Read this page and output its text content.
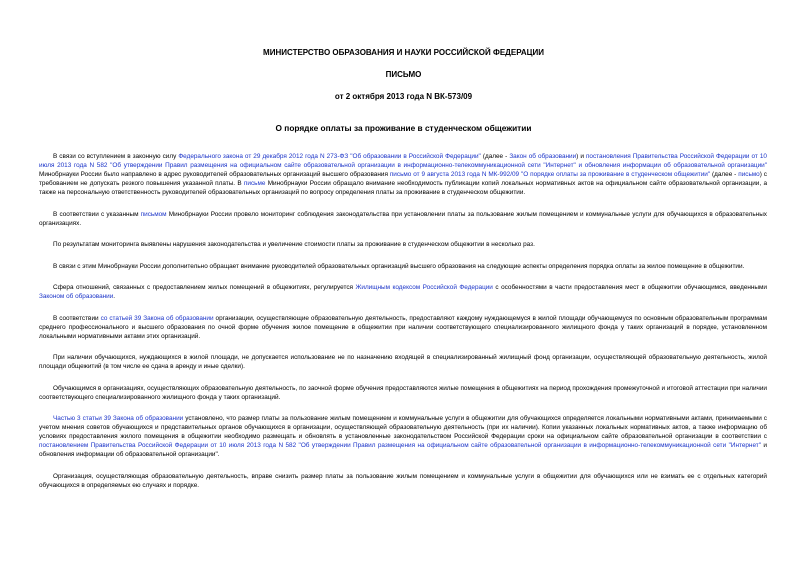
МИНИСТЕРСТВО ОБРАЗОВАНИЯ И НАУКИ РОССИЙСКОЙ ФЕДЕРАЦИИ
ПИСЬМО
от 2 октября 2013 года N ВК-573/09
О порядке оплаты за проживание в студенческом общежитии

В связи со вступлением в законную силу Федерального закона от 29 декабря 2012 года N 273-ФЗ "Об образовании в Российской Федерации" (далее - Закон об образовании) и постановления Правительства Российской Федерации от 10 июля 2013 года N 582 "Об утверждении Правил размещения на официальном сайте образовательной организации в информационно-телекоммуникационной сети "Интернет" и обновления информации об образовательной организации" Минобрнауки России было направлено в адрес руководителей образовательных организаций высшего образования письмо от 9 августа 2013 года N МК-992/09 "О порядке оплаты за проживание в студенческом общежитии" (далее - письмо) с требованием не допускать резкого повышения указанной платы. В письме Минобрнауки России обращало внимание необходимость публикации копий локальных нормативных актов на официальном сайте образовательной организации, а также на персональную ответственность руководителей образовательных организаций по вопросу определения платы за проживание в студенческом общежитии.

В соответствии с указанным письмом Минобрнауки России провело мониторинг соблюдения законодательства при установлении платы за пользование жилым помещением и коммунальные услуги для обучающихся в образовательных организациях.

По результатам мониторинга выявлены нарушения законодательства и увеличение стоимости платы за проживание в студенческом общежитии в несколько раз.

В связи с этим Минобрнауки России дополнительно обращает внимание руководителей образовательных организаций высшего образования на следующие аспекты определения порядка оплаты за жилое помещение в общежитии.

Сфера отношений, связанных с предоставлением жилых помещений в общежитиях, регулируется Жилищным кодексом Российской Федерации с особенностями в части предоставления мест в общежитии обучающимся, введенными Законом об образовании.

В соответствии со статьей 39 Закона об образовании организации, осуществляющие образовательную деятельность, предоставляют каждому нуждающемуся в жилой площади обучающемуся по основным образовательным программам среднего профессионального и высшего образования по очной форме обучения жилое помещение в общежитии при наличии соответствующего специализированного жилищного фонда у таких организаций в порядке, установленном локальными нормативными актами этих организаций.

При наличии обучающихся, нуждающихся в жилой площади, не допускается использование не по назначению входящей в специализированный жилищный фонд организации, осуществляющей образовательную деятельность, жилой площади общежитий (в том числе ее сдача в аренду и иные сделки).

Обучающимся в организациях, осуществляющих образовательную деятельность, по заочной форме обучения предоставляются жилые помещения в общежитиях на период прохождения промежуточной и итоговой аттестации при наличии соответствующего специализированного жилищного фонда у таких организаций.

Частью 3 статьи 39 Закона об образовании установлено, что размер платы за пользование жилым помещением и коммунальные услуги в общежитии для обучающихся определяется локальными нормативными актами, принимаемыми с учетом мнения советов обучающихся и представительных органов обучающихся в организации, осуществляющей образовательную деятельность (при их наличии). Копии указанных локальных нормативных актов, а также информацию об условиях предоставления жилого помещения в общежитии необходимо размещать и обновлять в установленные законодательством Российской Федерации сроки на официальном сайте образовательной организации в соответствии с постановлением Правительства Российской Федерации от 10 июля 2013 года N 582 "Об утверждении Правил размещения на официальном сайте образовательной организации в информационно-телекоммуникационной сети "Интернет" и обновления информации об образовательной организации".

Организация, осуществляющая образовательную деятельность, вправе снизить размер платы за пользование жилым помещением и коммунальные услуги в общежитии для обучающихся или не взимать ее с отдельных категорий обучающихся в определяемых ею случаях и порядке.
